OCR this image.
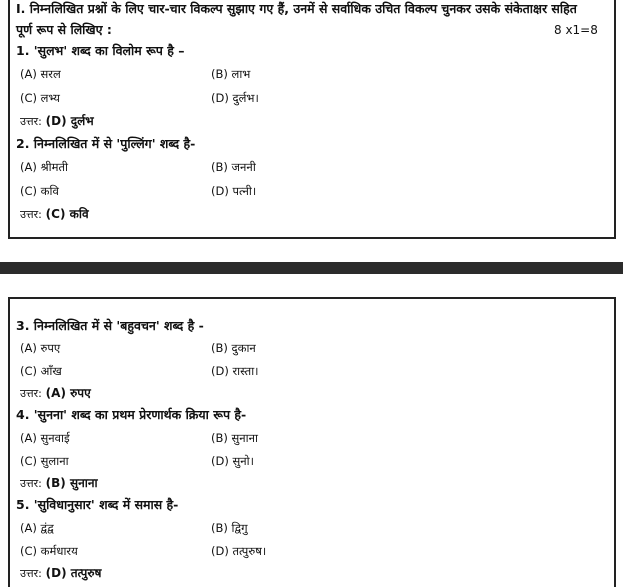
I. निम्नलिखित प्रश्नों के लिए चार-चार विकल्प सुझाए गए हैं, उनमें से सर्वाधिक उचित विकल्प चुनकर उसके संकेताक्षर सहित
पूर्ण रूप से लिखिए :	8 x1=8
1. 'सुलभ' शब्द का विलोम रूप है –
(A) सरल	(B) लाभ
(C) लभ्य	(D) दुर्लभ।
उत्तर: (D) दुर्लभ
2. निम्नलिखित में से 'पुल्लिंग' शब्द है-
(A) श्रीमती	(B) जननी
(C) कवि	(D) पत्नी।
उत्तर: (C) कवि
3. निम्नलिखित में से 'बहुवचन' शब्द है -
(A) रुपए	(B) दुकान
(C) आँख	(D) रास्ता।
उत्तर: (A) रुपए
4. 'सुनना' शब्द का प्रथम प्रेरणार्थक क्रिया रूप है-
(A) सुनवाई	(B) सुनाना
(C) सुलाना	(D) सुनो।
उत्तर: (B) सुनाना
5. 'सुविधानुसार' शब्द में समास है-
(A) द्वंद्व	(B) द्विगु
(C) कर्मधारय	(D) तत्पुरुष।
उत्तर: (D) तत्पुरुष
